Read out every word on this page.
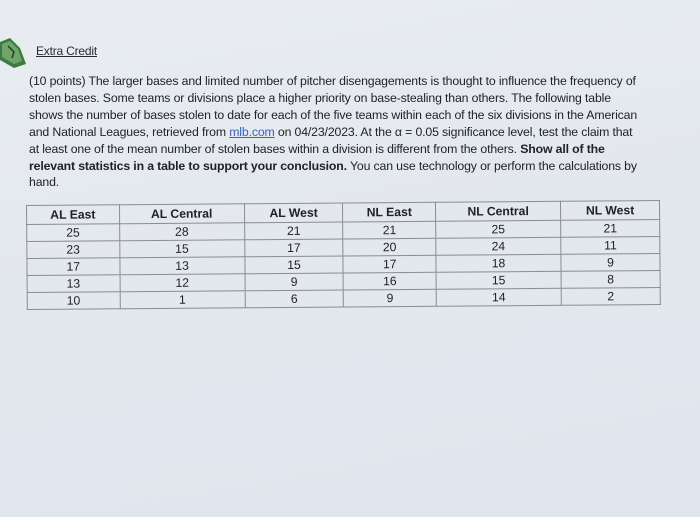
Extra Credit
(10 points) The larger bases and limited number of pitcher disengagements is thought to influence the frequency of stolen bases. Some teams or divisions place a higher priority on base-stealing than others. The following table shows the number of bases stolen to date for each of the five teams within each of the six divisions in the American and National Leagues, retrieved from mlb.com on 04/23/2023. At the α = 0.05 significance level, test the claim that at least one of the mean number of stolen bases within a division is different from the others. Show all of the relevant statistics in a table to support your conclusion. You can use technology or perform the calculations by hand.
AL East	AL Central	AL West	NL East	NL Central	NL West
25	28	21	21	25	21
23	15	17	20	24	11
17	13	15	17	18	9
13	12	9	16	15	8
10	1	6	9	14	2
